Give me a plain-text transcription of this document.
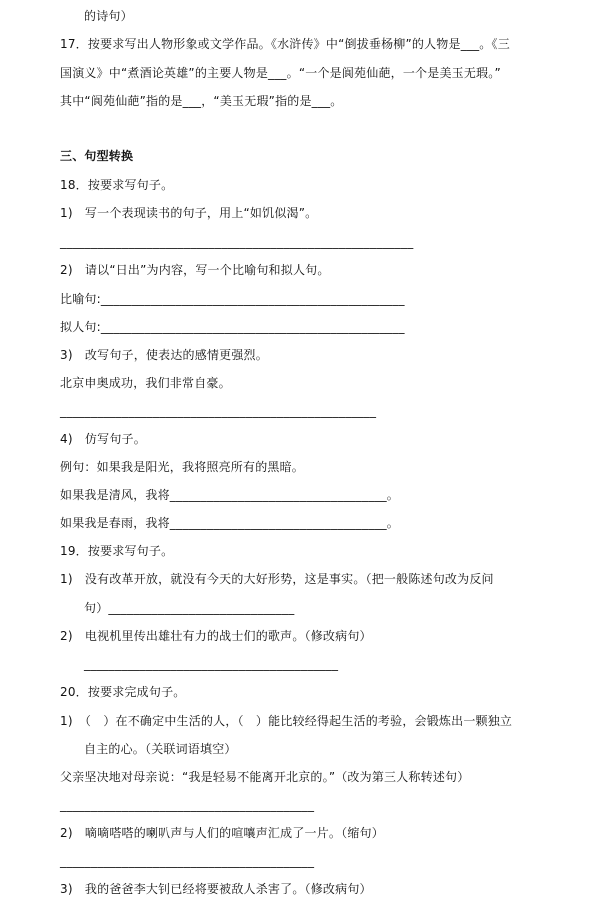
的诗句）
17．按要求写出人物形象或文学作品。《水浒传》中“倒拔垂杨柳”的人物是___。《三
国演义》中“煮酒论英雄”的主要人物是___。“一个是阆苑仙葩，一个是美玉无瑕。”
其中“阆苑仙葩”指的是___，“美玉无瑕”指的是___。
三、句型转换
18．按要求写句子。
1)　写一个表现读书的句子，用上“如饥似渴”。
_________________________________________________________
2)　请以“日出”为内容，写一个比喻句和拟人句。
比喻句:_________________________________________________
拟人句:_________________________________________________
3)　改写句子，使表达的感情更强烈。
北京申奥成功，我们非常自豪。
___________________________________________________
4)　仿写句子。
例句：如果我是阳光，我将照亮所有的黑暗。
如果我是清风，我将___________________________________。
如果我是春雨，我将___________________________________。
19．按要求写句子。
1)　没有改革开放，就没有今天的大好形势，这是事实。（把一般陈述句改为反问
句）______________________________
2)　电视机里传出雄壮有力的战士们的歌声。（修改病句）
_________________________________________
20．按要求完成句子。
1)　（　）在不确定中生活的人，（　）能比较经得起生活的考验，会锻炼出一颗独立
自主的心。（关联词语填空）
父亲坚决地对母亲说：“我是轻易不能离开北京的。”（改为第三人称转述句）
_________________________________________
2)　嘀嘀嗒嗒的喇叭声与人们的喧嚷声汇成了一片。（缩句）
_________________________________________
3)　我的爸爸李大钊已经将要被敌人杀害了。（修改病句）
